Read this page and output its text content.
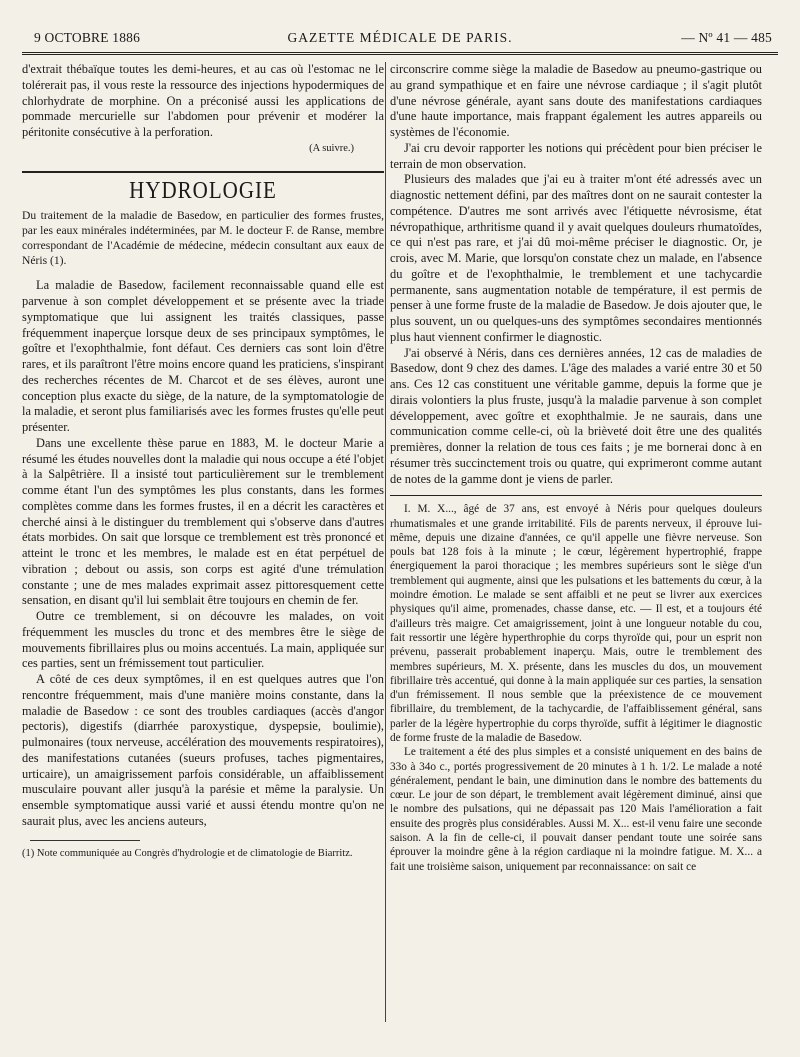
9 OCTOBRE 1886	GAZETTE MÉDICALE DE PARIS.	— Nº 41 — 485

d'extrait thébaïque toutes les demi-heures, et au cas où l'estomac ne le tolérerait pas, il vous reste la ressource des injections hypodermiques de chlorhydrate de morphine. On a préconisé aussi les applications de pommade mercurielle sur l'abdomen pour prévenir et modérer la péritonite consécutive à la perforation.

(A suivre.)
HYDROLOGIE

Du traitement de la maladie de Basedow, en particulier des formes frustes, par les eaux minérales indéterminées, par M. le docteur F. de Ranse, membre correspondant de l'Académie de médecine, médecin consultant aux eaux de Néris (1).

La maladie de Basedow, facilement reconnaissable quand elle est parvenue à son complet développement et se présente avec la triade symptomatique que lui assignent les traités classiques, passe fréquemment inaperçue lorsque deux de ses principaux symptômes, le goître et l'exophthalmie, font défaut. Ces derniers cas sont loin d'être rares, et ils paraîtront l'être moins encore quand les praticiens, s'inspirant des recherches récentes de M. Charcot et de ses élèves, auront une conception plus exacte du siège, de la nature, de la symptomatologie de la maladie, et seront plus familiarisés avec les formes frustes qu'elle peut présenter.

Dans une excellente thèse parue en 1883, M. le docteur Marie a résumé les études nouvelles dont la maladie qui nous occupe a été l'objet à la Salpêtrière. Il a insisté tout particulièrement sur le tremblement comme étant l'un des symptômes les plus constants, dans les formes complètes comme dans les formes frustes, il en a décrit les caractères et cherché ainsi à le distinguer du tremblement qui s'observe dans d'autres états morbides. On sait que lorsque ce tremblement est très prononcé et atteint le tronc et les membres, le malade est en état perpétuel de vibration ; debout ou assis, son corps est agité d'une trémulation constante ; une de mes malades exprimait assez pittoresquement cette sensation, en disant qu'il lui semblait être toujours en chemin de fer.

Outre ce tremblement, si on découvre les malades, on voit fréquemment les muscles du tronc et des membres être le siège de mouvements fibrillaires plus ou moins accentués. La main, appliquée sur ces parties, sent un frémissement tout particulier.

A côté de ces deux symptômes, il en est quelques autres que l'on rencontre fréquemment, mais d'une manière moins constante, dans la maladie de Basedow : ce sont des troubles cardiaques (accès d'angor pectoris), digestifs (diarrhée paroxystique, dyspepsie, boulimie), pulmonaires (toux nerveuse, accélération des mouvements respiratoires), des manifestations cutanées (sueurs profuses, taches pigmentaires, urticaire), un amaigrissement parfois considérable, un affaiblissement musculaire pouvant aller jusqu'à la parésie et même la paralysie. Un ensemble symptomatique aussi varié et aussi étendu montre qu'on ne saurait plus, avec les anciens auteurs,

(1) Note communiquée au Congrès d'hydrologie et de climatologie de Biarritz.

circonscrire comme siège la maladie de Basedow au pneumo-gastrique ou au grand sympathique et en faire une névrose cardiaque ; il s'agit plutôt d'une névrose générale, ayant sans doute des manifestations cardiaques d'une haute importance, mais frappant également les autres appareils ou systèmes de l'économie.

J'ai cru devoir rapporter les notions qui précèdent pour bien préciser le terrain de mon observation.

Plusieurs des malades que j'ai eu à traiter m'ont été adressés avec un diagnostic nettement défini, par des maîtres dont on ne saurait contester la compétence. D'autres me sont arrivés avec l'étiquette névrosisme, état névropathique, arthritisme quand il y avait quelques douleurs rhumatoïdes, ce qui n'est pas rare, et j'ai dû moi-même préciser le diagnostic. Or, je crois, avec M. Marie, que lorsqu'on constate chez un malade, en l'absence du goître et de l'exophthalmie, le tremblement et une tachycardie permanente, sans augmentation notable de température, il est permis de penser à une forme fruste de la maladie de Basedow. Je dois ajouter que, le plus souvent, un ou quelques-uns des symptômes secondaires mentionnés plus haut viennent confirmer le diagnostic.

J'ai observé à Néris, dans ces dernières années, 12 cas de maladies de Basedow, dont 9 chez des dames. L'âge des malades a varié entre 30 et 50 ans. Ces 12 cas constituent une véritable gamme, depuis la forme que je dirais volontiers la plus fruste, jusqu'à la maladie parvenue à son complet développement, avec goître et exophthalmie. Je ne saurais, dans une communication comme celle-ci, où la brièveté doit être une des qualités premières, donner la relation de tous ces faits ; je me bornerai donc à en résumer très succinctement trois ou quatre, qui exprimeront comme autant de notes de la gamme dont je viens de parler.

I. M. X..., âgé de 37 ans, est envoyé à Néris pour quelques douleurs rhumatismales et une grande irritabilité. Fils de parents nerveux, il éprouve lui-même, depuis une dizaine d'années, ce qu'il appelle une fièvre nerveuse. Son pouls bat 128 fois à la minute ; le cœur, légèrement hypertrophié, frappe énergiquement la paroi thoracique ; les membres supérieurs sont le siège d'un tremblement qui augmente, ainsi que les pulsations et les battements du cœur, à la moindre émotion. Le malade se sent affaibli et ne peut se livrer aux exercices physiques qu'il aime, promenades, chasse danse, etc. — Il est, et a toujours été d'ailleurs très maigre. Cet amaigrissement, joint à une longueur notable du cou, fait ressortir une légère hyperthrophie du corps thyroïde qui, pour un esprit non prévenu, passerait probablement inaperçu. Mais, outre le tremblement des membres supérieurs, M. X. présente, dans les muscles du dos, un mouvement fibrillaire très accentué, qui donne à la main appliquée sur ces parties, la sensation d'un frémissement. Il nous semble que la préexistence de ce mouvement fibrillaire, du tremblement, de la tachycardie, de l'affaiblissement général, sans parler de la légère hypertrophie du corps thyroïde, suffit à légitimer le diagnostic de forme fruste de la maladie de Basedow.

Le traitement a été des plus simples et a consisté uniquement en des bains de 33o à 34o c., portés progressivement de 20 minutes à 1 h. 1/2. Le malade a noté généralement, pendant le bain, une diminution dans le nombre des battements du cœur. Le jour de son départ, le tremblement avait légèrement diminué, ainsi que le nombre des pulsations, qui ne dépassait pas 120 Mais l'amélioration a fait ensuite des progrès plus considérables. Aussi M. X... est-il venu faire une seconde saison. A la fin de celle-ci, il pouvait danser pendant toute une soirée sans éprouver la moindre gêne à la région cardiaque ni la moindre fatigue. M. X... a fait une troisième saison, uniquement par reconnaissance: on sait ce
